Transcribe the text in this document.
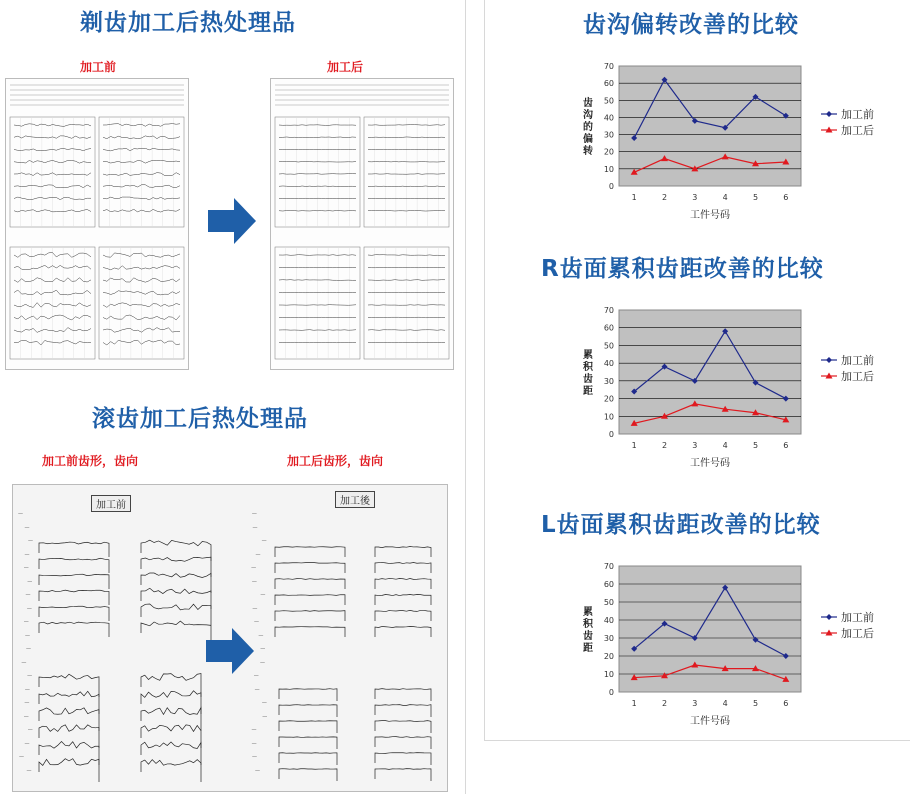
剃齿加工后热处理品
加工前	加工后
滚齿加工后热处理品
加工前齿形，齿向	加工后齿形，齿向
—	—
—	—
—	—
—	—
—	—
—	—
—	—
—	—
—	—
—	—
—	—
—	—
—	—
—	—
—	—
—	—
—	—
—	—
—	—
—	—
加工前	加工後
齿沟偏转改善的比较
0
10
20
30
40
50
60
70
1	2	3	4	5	6
工件号码
齿沟的偏转
加工前
加工后
R齿面累积齿距改善的比较
0
10
20
30
40
50
60
70
1	2	3	4	5	6
工件号码
累积齿距
加工前
加工后
L齿面累积齿距改善的比较
0
10
20
30
40
50
60
70
1	2	3	4	5	6
工件号码
累积齿距
加工前
加工后
